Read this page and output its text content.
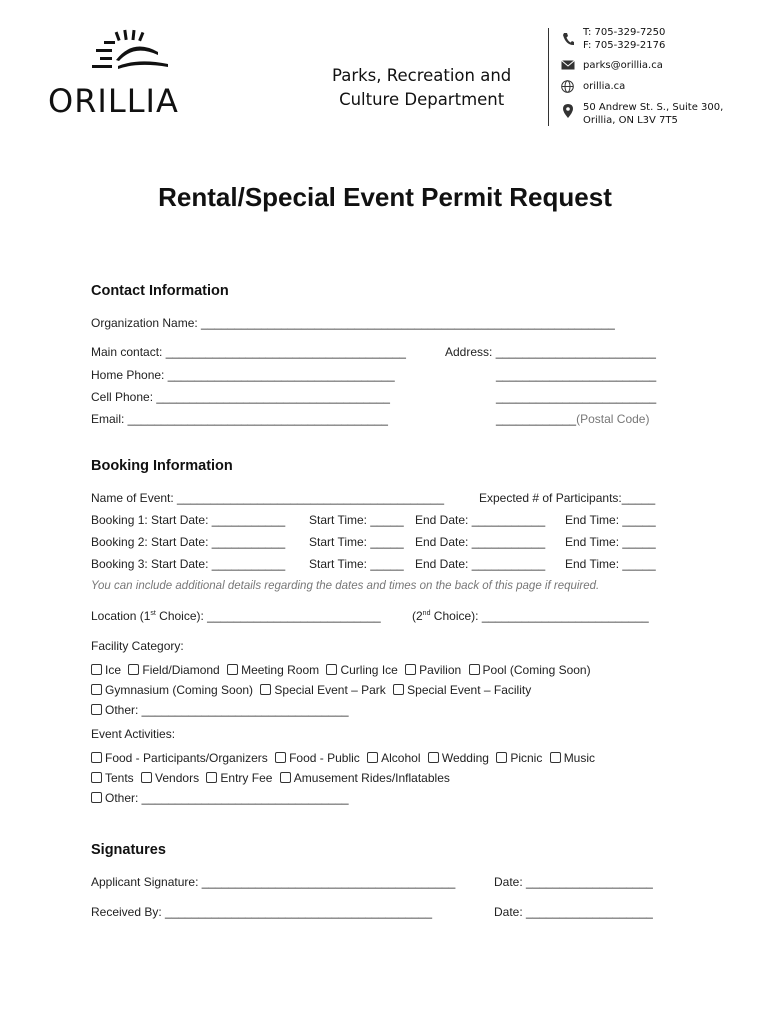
ORILLIA
Parks, Recreation and
Culture Department
T: 705-329-7250
F: 705-329-2176
parks@orillia.ca
orillia.ca
50 Andrew St. S., Suite 300,
Orillia, ON L3V 7T5
Rental/Special Event Permit Request
Contact Information
Organization Name: ______________________________________________________________
Main contact: ____________________________________	Address: ________________________
Home Phone: __________________________________	________________________
Cell Phone: ___________________________________	________________________
Email: _______________________________________	____________(Postal Code)
Booking Information
Name of Event: ________________________________________	Expected # of Participants:_____
Booking 1: Start Date: ___________ Start Time: _____ End Date: ___________ End Time: _____
Booking 2: Start Date: ___________ Start Time: _____ End Date: ___________ End Time: _____
Booking 3: Start Date: ___________ Start Time: _____ End Date: ___________ End Time: _____
You can include additional details regarding the dates and times on the back of this page if required.
Location (1st Choice): __________________________	(2nd Choice): _________________________
Facility Category:
Ice Field/Diamond Meeting Room Curling Ice Pavilion Pool (Coming Soon)
Gymnasium (Coming Soon) Special Event – Park Special Event – Facility
Other: _______________________________
Event Activities:
Food - Participants/Organizers Food - Public Alcohol Wedding Picnic Music
Tents Vendors Entry Fee Amusement Rides/Inflatables
Other: _______________________________
Signatures
Applicant Signature: ______________________________________	Date: ___________________
Received By: ________________________________________	Date: ___________________
